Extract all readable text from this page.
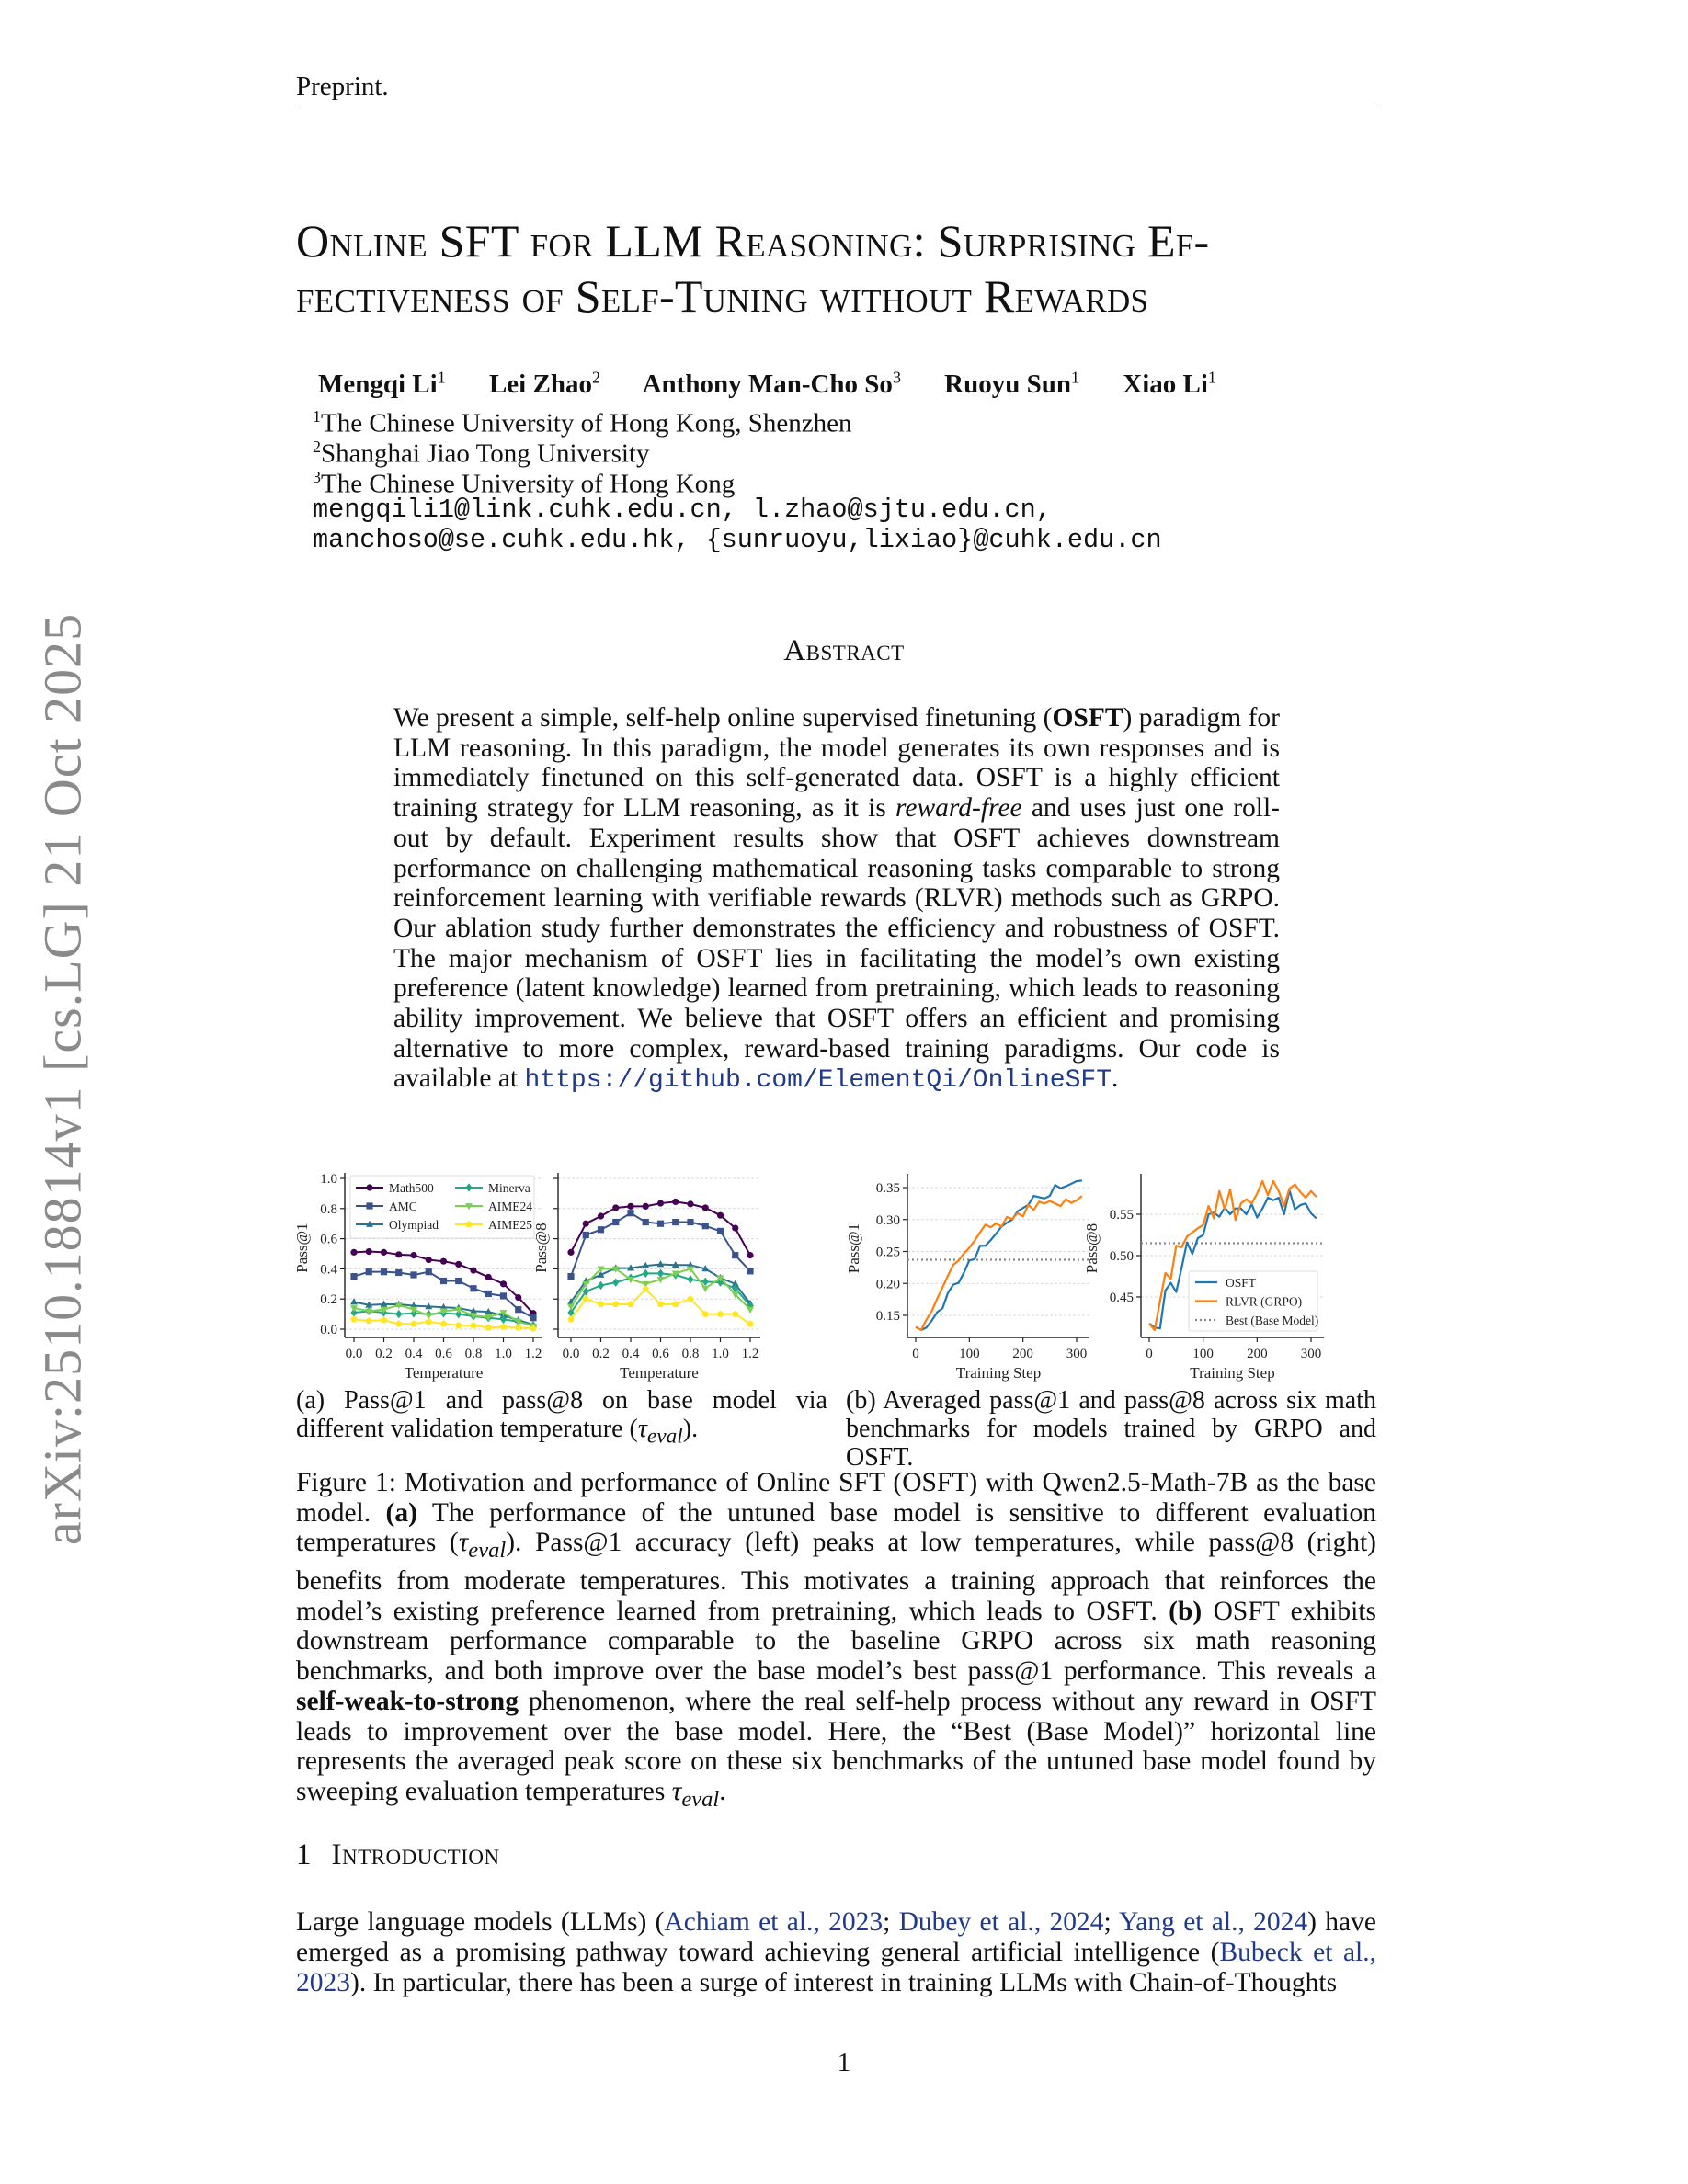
Preprint.
arXiv:2510.18814v1 [cs.LG] 21 Oct 2025
Online SFT for LLM Reasoning: Surprising Ef-
fectiveness of Self-Tuning without Rewards
Mengqi Li$^1$ Lei Zhao$^2$ Anthony Man-Cho So$^3$ Ruoyu Sun$^1$ Xiao Li$^1$
$^1$The Chinese University of Hong Kong, Shenzhen
$^2$Shanghai Jiao Tong University
$^3$The Chinese University of Hong Kong
mengqili1@link.cuhk.edu.cn, l.zhao@sjtu.edu.cn,
manchoso@se.cuhk.edu.hk, {sunruoyu,lixiao}@cuhk.edu.cn
Abstract
We present a simple, self-help online supervised finetuning (OSFT) paradigm for LLM reasoning. In this paradigm, the model generates its own responses and is immediately finetuned on this self-generated data. OSFT is a highly efficient training strategy for LLM reasoning, as it is reward-free and uses just one roll-out by default. Experiment results show that OSFT achieves downstream performance on challenging mathematical reasoning tasks comparable to strong reinforcement learning with verifiable rewards (RLVR) methods such as GRPO. Our ablation study further demonstrates the efficiency and robustness of OSFT. The major mechanism of OSFT lies in facilitating the model’s own existing preference (latent knowledge) learned from pretraining, which leads to reasoning ability improvement. We believe that OSFT offers an efficient and promising alternative to more complex, reward-based training paradigms. Our code is available at https://github.com/ElementQi/OnlineSFT.
0.0
0.2
0.4
0.6
0.8
1.0
0.0 0.2 0.4 0.6 0.8 1.0 1.2
Temperature
Pass@1
Math500
AMC
Olympiad
Minerva
AIME24
AIME25
0.0 0.2 0.4 0.6 0.8 1.0 1.2
Temperature
Pass@8
0.15
0.20
0.25
0.30
0.35
0	100 200 300
Training Step
Pass@1
0.45
0.50
0.55
0	100 200 300
Training Step
Pass@8
OSFT
RLVR (GRPO)
Best (Base Model)
(a) Pass@1 and pass@8 on base model via different validation temperature $(\tau_{eval})$.
(b) Averaged pass@1 and pass@8 across six math benchmarks for models trained by GRPO and OSFT.
Figure 1: Motivation and performance of Online SFT (OSFT) with Qwen2.5-Math-7B as the base model. (a) The performance of the untuned base model is sensitive to different evaluation temperatures $(\tau_{eval})$. Pass@1 accuracy (left) peaks at low temperatures, while pass@8 (right) benefits from moderate temperatures. This motivates a training approach that reinforces the model’s existing preference learned from pretraining, which leads to OSFT. (b) OSFT exhibits downstream performance comparable to the baseline GRPO across six math reasoning benchmarks, and both improve over the base model’s best pass@1 performance. This reveals a self-weak-to-strong phenomenon, where the real self-help process without any reward in OSFT leads to improvement over the base model. Here, the “Best (Base Model)” horizontal line represents the averaged peak score on these six benchmarks of the untuned base model found by sweeping evaluation temperatures $\tau_{eval}$.
1 Introduction
Large language models (LLMs) (Achiam et al., 2023; Dubey et al., 2024; Yang et al., 2024) have emerged as a promising pathway toward achieving general artificial intelligence (Bubeck et al., 2023). In particular, there has been a surge of interest in training LLMs with Chain-of-Thoughts
1
